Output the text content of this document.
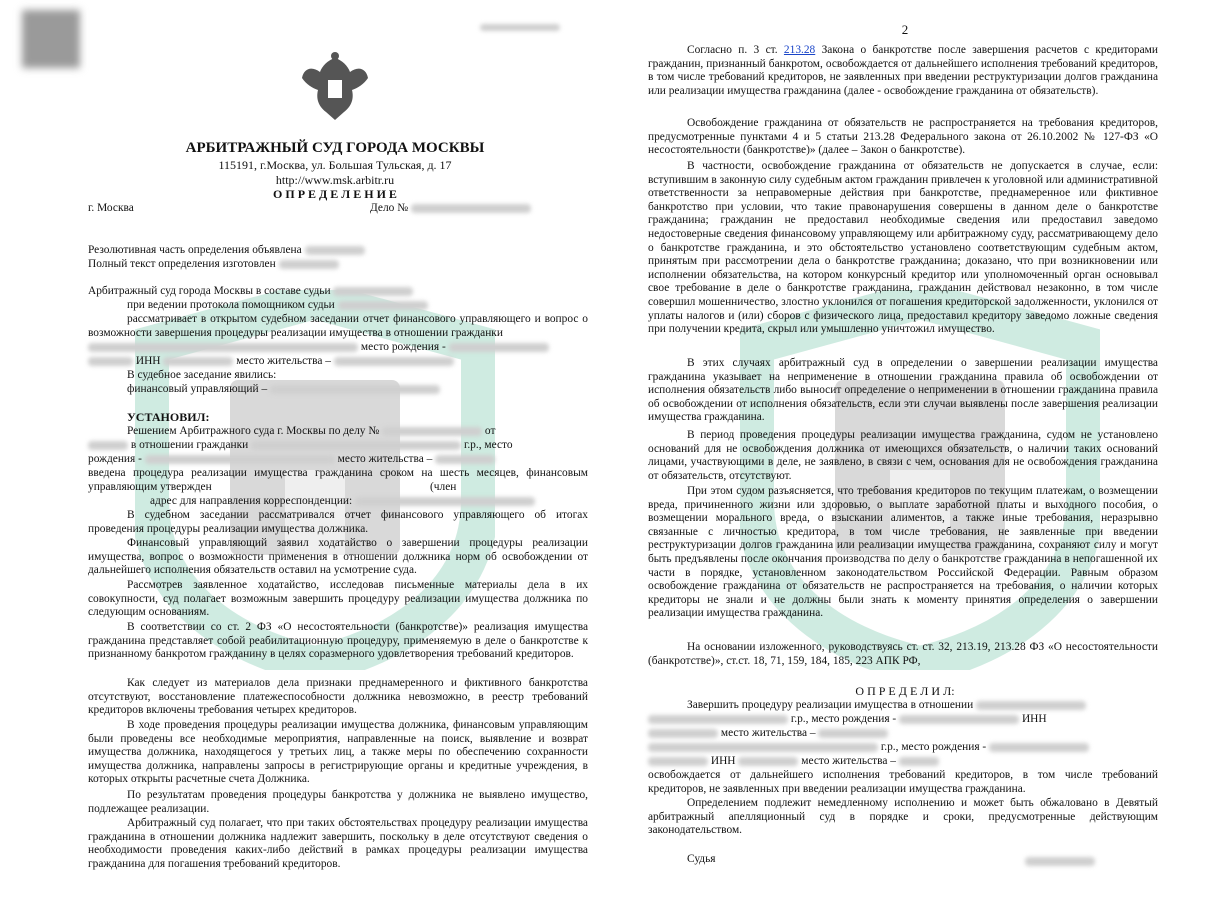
АРБИТРАЖНЫЙ СУД ГОРОДА МОСКВЫ
115191, г.Москва, ул. Большая Тульская, д. 17
http://www.msk.arbitr.ru
О П Р Е Д Е Л Е Н И Е
г. Москва	Дело №
Резолютивная часть определения объявлена
Полный текст определения изготовлен
Арбитражный суд города Москвы в составе судьи
при ведении протокола помощником судьи
рассматривает в открытом судебном заседании отчет финансового управляющего и вопрос о возможности завершения процедуры реализации имущества в отношении гражданки
место рождения -
ИНН	место жительства –
В судебное заседание явились:
финансовый управляющий –
УСТАНОВИЛ:
Решением Арбитражного суда г. Москвы по делу №	от
в отношении гражданки	г.р., место
рождения -	место жительства –
введена процедура реализации имущества гражданина сроком на шесть месяцев, финансовым управляющим утвержден	(член
адрес для направления корреспонденции:
В судебном заседании рассматривался отчет финансового управляющего об итогах проведения процедуры реализации имущества должника.
Финансовый управляющий заявил ходатайство о завершении процедуры реализации имущества, вопрос о возможности применения в отношении должника норм об освобождении от дальнейшего исполнения обязательств оставил на усмотрение суда.
Рассмотрев заявленное ходатайство, исследовав письменные материалы дела в их совокупности, суд полагает возможным завершить процедуру реализации имущества должника по следующим основаниям.
В соответствии со ст. 2 ФЗ «О несостоятельности (банкротстве)» реализация имущества гражданина представляет собой реабилитационную процедуру, применяемую в деле о банкротстве к признанному банкротом гражданину в целях соразмерного удовлетворения требований кредиторов.
Как следует из материалов дела признаки преднамеренного и фиктивного банкротства отсутствуют, восстановление платежеспособности должника невозможно, в реестр требований кредиторов включены требования четырех кредиторов.
В ходе проведения процедуры реализации имущества должника, финансовым управляющим были проведены все необходимые мероприятия, направленные на поиск, выявление и возврат имущества должника, находящегося у третьих лиц, а также меры по обеспечению сохранности имущества должника, направлены запросы в регистрирующие органы и кредитные учреждения, в которых открыты расчетные счета Должника.
По результатам проведения процедуры банкротства у должника не выявлено имущество, подлежащее реализации.
Арбитражный суд полагает, что при таких обстоятельствах процедуру реализации имущества гражданина в отношении должника надлежит завершить, поскольку в деле отсутствуют сведения о необходимости проведения каких-либо действий в рамках процедуры реализации имущества гражданина для погашения требований кредиторов.
2
Согласно п. 3 ст. 213.28 Закона о банкротстве после завершения расчетов с кредиторами гражданин, признанный банкротом, освобождается от дальнейшего исполнения требований кредиторов, в том числе требований кредиторов, не заявленных при введении реструктуризации долгов гражданина или реализации имущества гражданина (далее - освобождение гражданина от обязательств).
Освобождение гражданина от обязательств не распространяется на требования кредиторов, предусмотренные пунктами 4 и 5 статьи 213.28 Федерального закона от 26.10.2002 № 127-ФЗ «О несостоятельности (банкротстве)» (далее – Закон о банкротстве).
В частности, освобождение гражданина от обязательств не допускается в случае, если: вступившим в законную силу судебным актом гражданин привлечен к уголовной или административной ответственности за неправомерные действия при банкротстве, преднамеренное или фиктивное банкротство при условии, что такие правонарушения совершены в данном деле о банкротстве гражданина; гражданин не предоставил необходимые сведения или предоставил заведомо недостоверные сведения финансовому управляющему или арбитражному суду, рассматривающему дело о банкротстве гражданина, и это обстоятельство установлено соответствующим судебным актом, принятым при рассмотрении дела о банкротстве гражданина; доказано, что при возникновении или исполнении обязательства, на котором конкурсный кредитор или уполномоченный орган основывал свое требование в деле о банкротстве гражданина, гражданин действовал незаконно, в том числе совершил мошенничество, злостно уклонился от погашения кредиторской задолженности, уклонился от уплаты налогов и (или) сборов с физического лица, предоставил кредитору заведомо ложные сведения при получении кредита, скрыл или умышленно уничтожил имущество.
В этих случаях арбитражный суд в определении о завершении реализации имущества гражданина указывает на неприменение в отношении гражданина правила об освобождении от исполнения обязательств либо выносит определение о неприменении в отношении гражданина правила об освобождении от исполнения обязательств, если эти случаи выявлены после завершения реализации имущества гражданина.
В период проведения процедуры реализации имущества гражданина, судом не установлено оснований для не освобождения должника от имеющихся обязательств, о наличии таких оснований лицами, участвующими в деле, не заявлено, в связи с чем, основания для не освобождения гражданина от обязательств, отсутствуют.
При этом судом разъясняется, что требования кредиторов по текущим платежам, о возмещении вреда, причиненного жизни или здоровью, о выплате заработной платы и выходного пособия, о возмещении морального вреда, о взыскании алиментов, а также иные требования, неразрывно связанные с личностью кредитора, в том числе требования, не заявленные при введении реструктуризации долгов гражданина или реализации имущества гражданина, сохраняют силу и могут быть предъявлены после окончания производства по делу о банкротстве гражданина в непогашенной их части в порядке, установленном законодательством Российской Федерации. Равным образом освобождение гражданина от обязательств не распространяется на требования, о наличии которых кредиторы не знали и не должны были знать к моменту принятия определения о завершении реализации имущества гражданина.
На основании изложенного, руководствуясь ст. ст. 32, 213.19, 213.28 ФЗ «О несостоятельности (банкротстве)», ст.ст. 18, 71, 159, 184, 185, 223 АПК РФ,
О П Р Е Д Е Л И Л:
Завершить процедуру реализации имущества в отношении
г.р., место рождения -	ИНН
место жительства –
г.р., место рождения -
ИНН	место жительства –
освобождается от дальнейшего исполнения требований кредиторов, в том числе требований кредиторов, не заявленных при введении реализации имущества гражданина.
Определением подлежит немедленному исполнению и может быть обжаловано в Девятый арбитражный апелляционный суд в порядке и сроки, предусмотренные действующим законодательством.
Судья
